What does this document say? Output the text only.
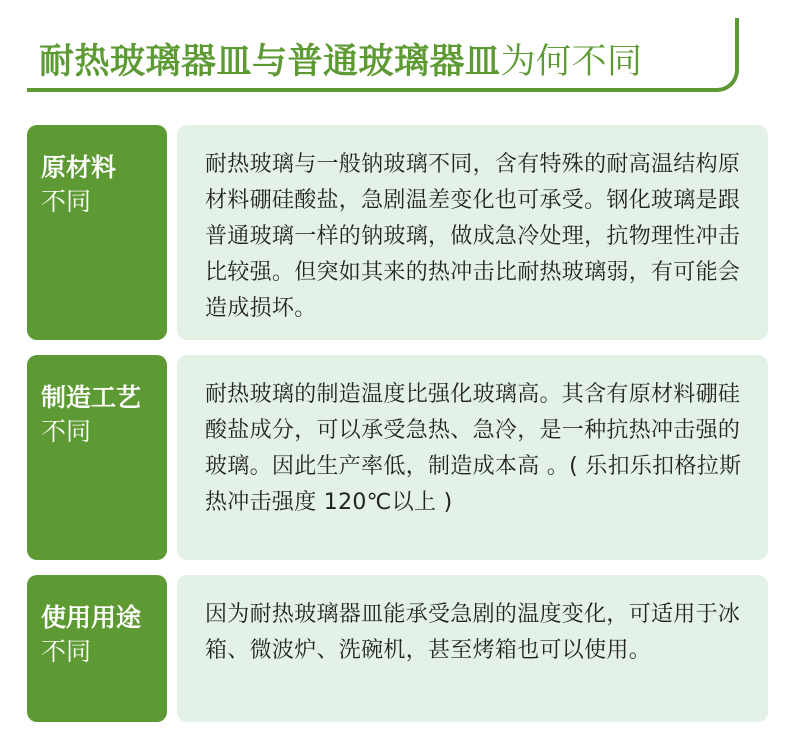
耐热玻璃器皿与普通玻璃器皿为何不同
原材料
不同

耐热玻璃与一般钠玻璃不同，含有特殊的耐高温结构原材料硼硅酸盐，急剧温差变化也可承受。钢化玻璃是跟普通玻璃一样的钠玻璃，做成急冷处理，抗物理性冲击比较强。但突如其来的热冲击比耐热玻璃弱，有可能会造成损坏。

制造工艺
不同

耐热玻璃的制造温度比强化玻璃高。其含有原材料硼硅酸盐成分，可以承受急热、急冷，是一种抗热冲击强的玻璃。因此生产率低，制造成本高 。( 乐扣乐扣格拉斯热冲击强度 120℃以上 )

使用用途
不同

因为耐热玻璃器皿能承受急剧的温度变化，可适用于冰箱、微波炉、洗碗机，甚至烤箱也可以使用。
